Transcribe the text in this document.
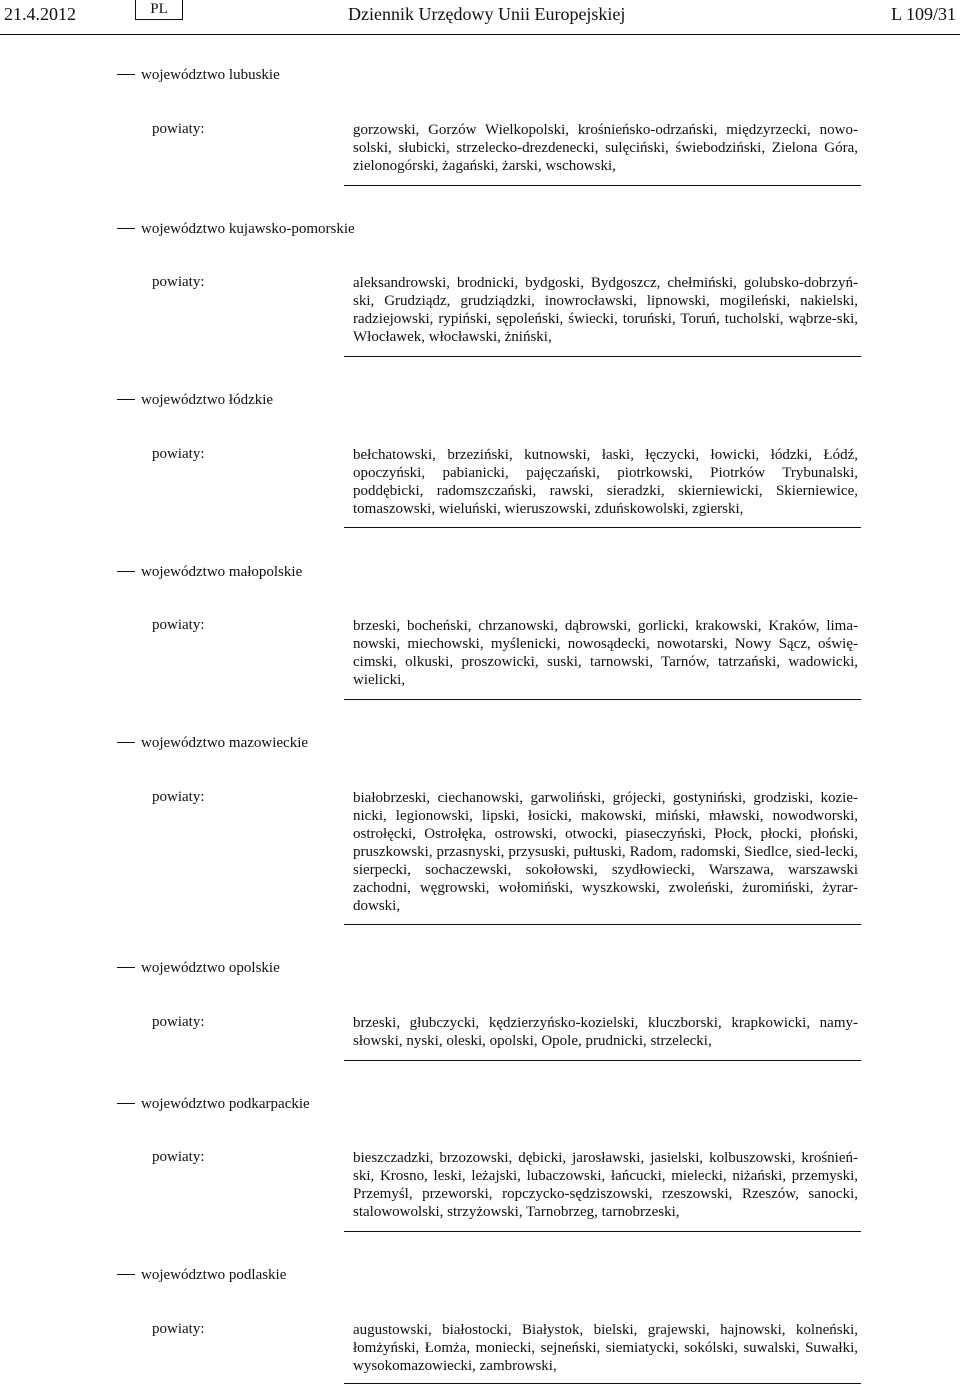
21.4.2012	PL	Dziennik Urzędowy Unii Europejskiej	L 109/31
województwo lubuskie
powiaty:	gorzowski, Gorzów Wielkopolski, krośnieńsko-odrzański, międzyrzecki, nowo-solski, słubicki, strzelecko-drezdenecki, sulęciński, świebodziński, Zielona Góra, zielonogórski, żagański, żarski, wschowski,
województwo kujawsko-pomorskie
powiaty:	aleksandrowski, brodnicki, bydgoski, Bydgoszcz, chełmiński, golubsko-dobrzyń-ski, Grudziądz, grudziądzki, inowrocławski, lipnowski, mogileński, nakielski, radziejowski, rypiński, sępoleński, świecki, toruński, Toruń, tucholski, wąbrze-ski, Włocławek, włocławski, żniński,
województwo łódzkie
powiaty:	bełchatowski, brzeziński, kutnowski, łaski, łęczycki, łowicki, łódzki, Łódź, opoczyński, pabianicki, pajęczański, piotrkowski, Piotrków Trybunalski, poddębicki, radomszczański, rawski, sieradzki, skierniewicki, Skierniewice, tomaszowski, wieluński, wieruszowski, zduńskowolski, zgierski,
województwo małopolskie
powiaty:	brzeski, bocheński, chrzanowski, dąbrowski, gorlicki, krakowski, Kraków, lima-nowski, miechowski, myślenicki, nowosądecki, nowotarski, Nowy Sącz, oświę-cimski, olkuski, proszowicki, suski, tarnowski, Tarnów, tatrzański, wadowicki, wielicki,
województwo mazowieckie
powiaty:	białobrzeski, ciechanowski, garwoliński, grójecki, gostyniński, grodziski, kozie-nicki, legionowski, lipski, łosicki, makowski, miński, mławski, nowodworski, ostrołęcki, Ostrołęka, ostrowski, otwocki, piaseczyński, Płock, płocki, płoński, pruszkowski, przasnyski, przysuski, pułtuski, Radom, radomski, Siedlce, sied-lecki, sierpecki, sochaczewski, sokołowski, szydłowiecki, Warszawa, warszawski zachodni, węgrowski, wołomiński, wyszkowski, zwoleński, żuromiński, żyrar-dowski,
województwo opolskie
powiaty:	brzeski, głubczycki, kędzierzyńsko-kozielski, kluczborski, krapkowicki, namy-słowski, nyski, oleski, opolski, Opole, prudnicki, strzelecki,
województwo podkarpackie
powiaty:	bieszczadzki, brzozowski, dębicki, jarosławski, jasielski, kolbuszowski, krośnień-ski, Krosno, leski, leżajski, lubaczowski, łańcucki, mielecki, niżański, przemyski, Przemyśl, przeworski, ropczycko-sędziszowski, rzeszowski, Rzeszów, sanocki, stalowowolski, strzyżowski, Tarnobrzeg, tarnobrzeski,
województwo podlaskie
powiaty:	augustowski, białostocki, Białystok, bielski, grajewski, hajnowski, kolneński, łomżyński, Łomża, moniecki, sejneński, siemiatycki, sokólski, suwalski, Suwałki, wysokomazowiecki, zambrowski,
